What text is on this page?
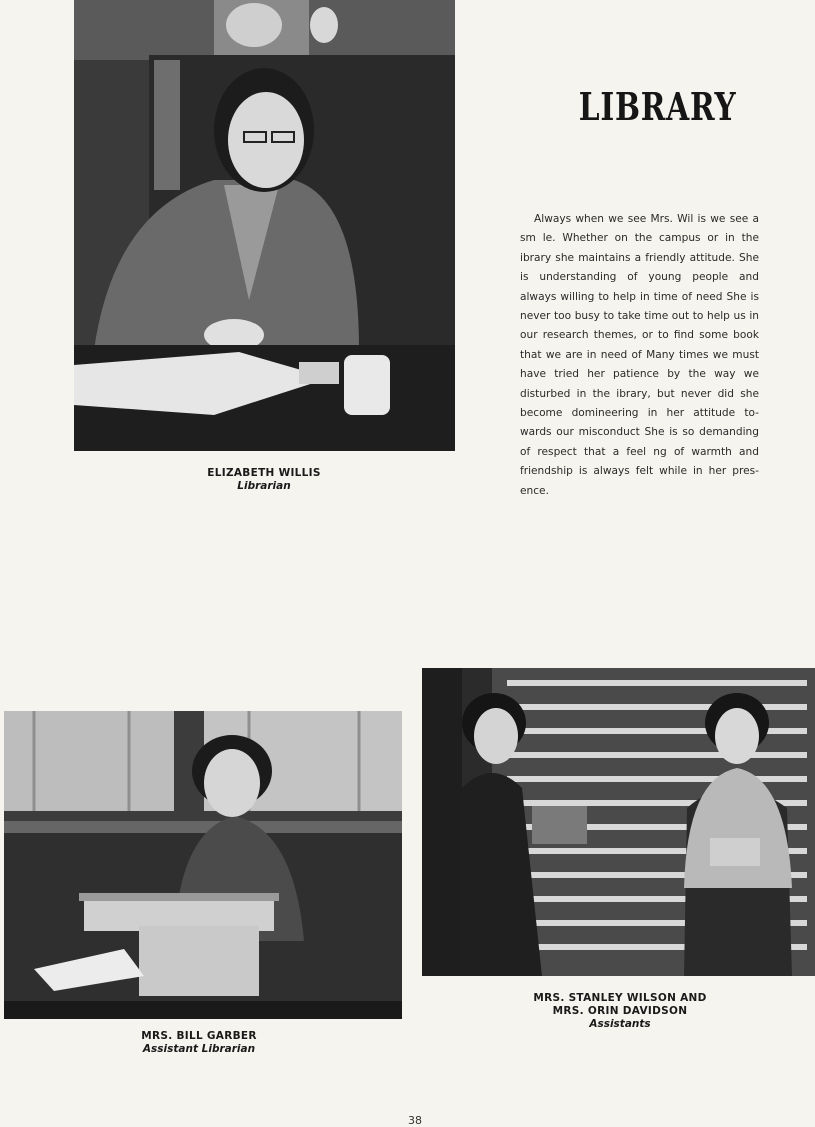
LIBRARY
Always when we see Mrs. Wil is we see a sm le. Whether on the campus or in the ibrary she maintains a friendly attitude. She is understanding of young people and always willing to help in time of need She is never too busy to take time out to help us in our research themes, or to find some book that we are in need of Many times we must have tried her patience by the way we disturbed in the ibrary, but never did she become domineering in her attitude to- wards our misconduct She is so demanding of respect that a feel ng of warmth and friendship is always felt while in her pres- ence.
ELIZABETH WILLIS
Librarian
MRS. BILL GARBER
Assistant Librarian
MRS. STANLEY WILSON AND
MRS. ORIN DAVIDSON
Assistants
38
